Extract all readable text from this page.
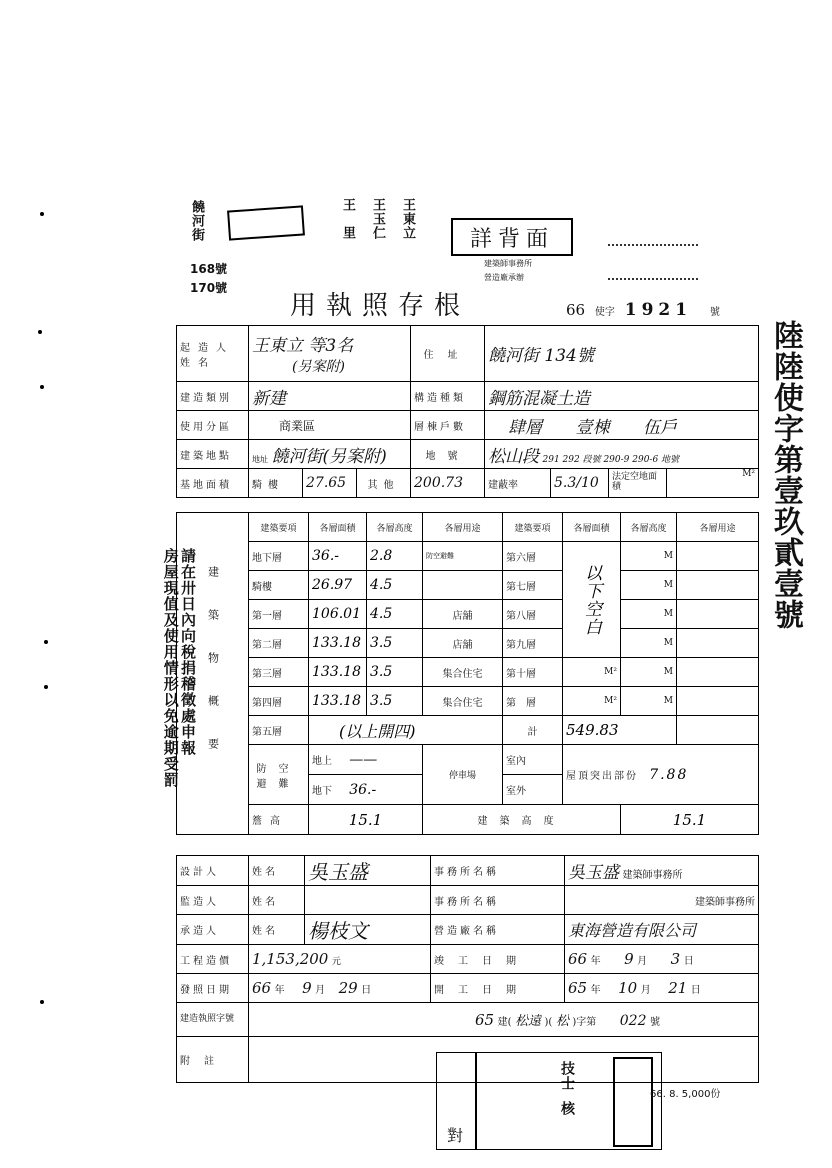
饒河街
168號
170號
王東立
王玉仁
王　里	詳背面
建築師事務所
營造廠承辦
用執照存根	66 使字 1921 號
陸陸使字第壹玖貳壹號
請在卅日內向稅捐稽徵處申報
房屋現值及使用情形以免逾期受罰
起造人姓名	王東立 等3名
(另案附)			住址	饒河街 134號			
建造類別	新建			構造種類	鋼筋混凝土造			
使用分區	商業區			層棟戶數	肆層 壹棟 伍戶			
建築地點	地址 饒河街(另案附)			地號	松山段 291 292 段號 290-9 290-6 地號			
基地面積	騎樓	27.65	其他	200.73	建蔽率	5.3/10	法定空地面積	$^{M^2}$
建築物概要	建築要項	各層面積	各層高度	各層用途	建築要項	各層面積	各層高度	各層用途
	地下層	36.-	2.8	防空避難	第六層	以下空白	M	
	騎樓	26.97	4.5		第七層		M	
	第一層	106.01	4.5	店舖	第八層		M	
	第二層	133.18	3.5	店舖	第九層		M	
	第三層	133.18	3.5	集合住宅	第十層	M²	M	
	第四層	133.18	3.5	集合住宅	第　層	M²	M	
	第五層	(以上開四)			計	549.83		
	防空避難	地上 ——		停車場	室內	屋頂突出部份 7.88		
		地下 36.-			室外			
	簷高	15.1		建築高度			15.1	
設計人	姓名	吳玉盛	事務所名稱	吳玉盛 建築師事務所
監造人	姓名		事務所名稱	建築師事務所
承造人	姓名	楊枝文	營造廠名稱	東海營造有限公司
工程造價	1,153,200 元		竣工日期	66 年 9 月 3 日
發照日期	66 年 9 月 29 日		開工日期	65 年 10 月 21 日
建造執照字號	65 建( 松遠 )( 松 )字第 022 號			
附註				
對
技士
核
66. 8. 5,000份
